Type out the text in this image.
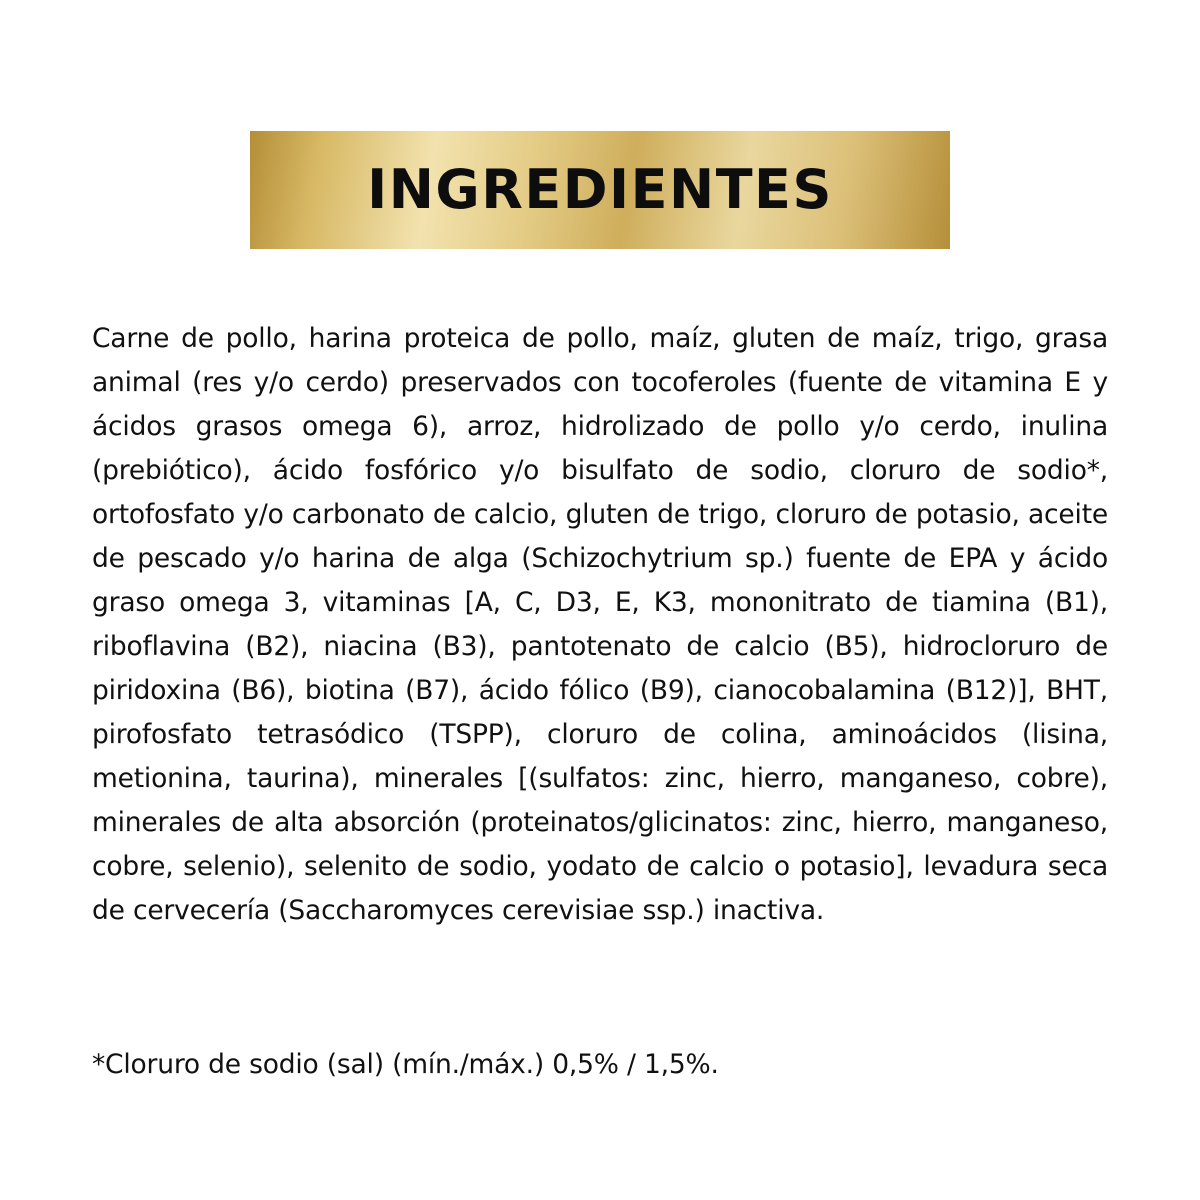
INGREDIENTES

Carne de pollo, harina proteica de pollo, maíz, gluten de maíz, trigo, grasa animal (res y/o cerdo) preservados con tocoferoles (fuente de vitamina E y ácidos grasos omega 6), arroz, hidrolizado de pollo y/o cerdo, inulina (prebiótico), ácido fosfórico y/o bisulfato de sodio, cloruro de sodio*, ortofosfato y/o carbonato de calcio, gluten de trigo, cloruro de potasio, aceite de pescado y/o harina de alga (Schizochytrium sp.) fuente de EPA y ácido graso omega 3, vitaminas [A, C, D3, E, K3, mononitrato de tiamina (B1), riboflavina (B2), niacina (B3), pantotenato de calcio (B5), hidrocloruro de piridoxina (B6), biotina (B7), ácido fólico (B9), cianocobalamina (B12)], BHT, pirofosfato tetrasódico (TSPP), cloruro de colina, aminoácidos (lisina, metionina, taurina), minerales [(sulfatos: zinc, hierro, manganeso, cobre), minerales de alta absorción (proteinatos/glicinatos: zinc, hierro, manganeso, cobre, selenio), selenito de sodio, yodato de calcio o potasio], levadura seca de cervecería (Saccharomyces cerevisiae ssp.) inactiva.

*Cloruro de sodio (sal) (mín./máx.) 0,5% / 1,5%.
